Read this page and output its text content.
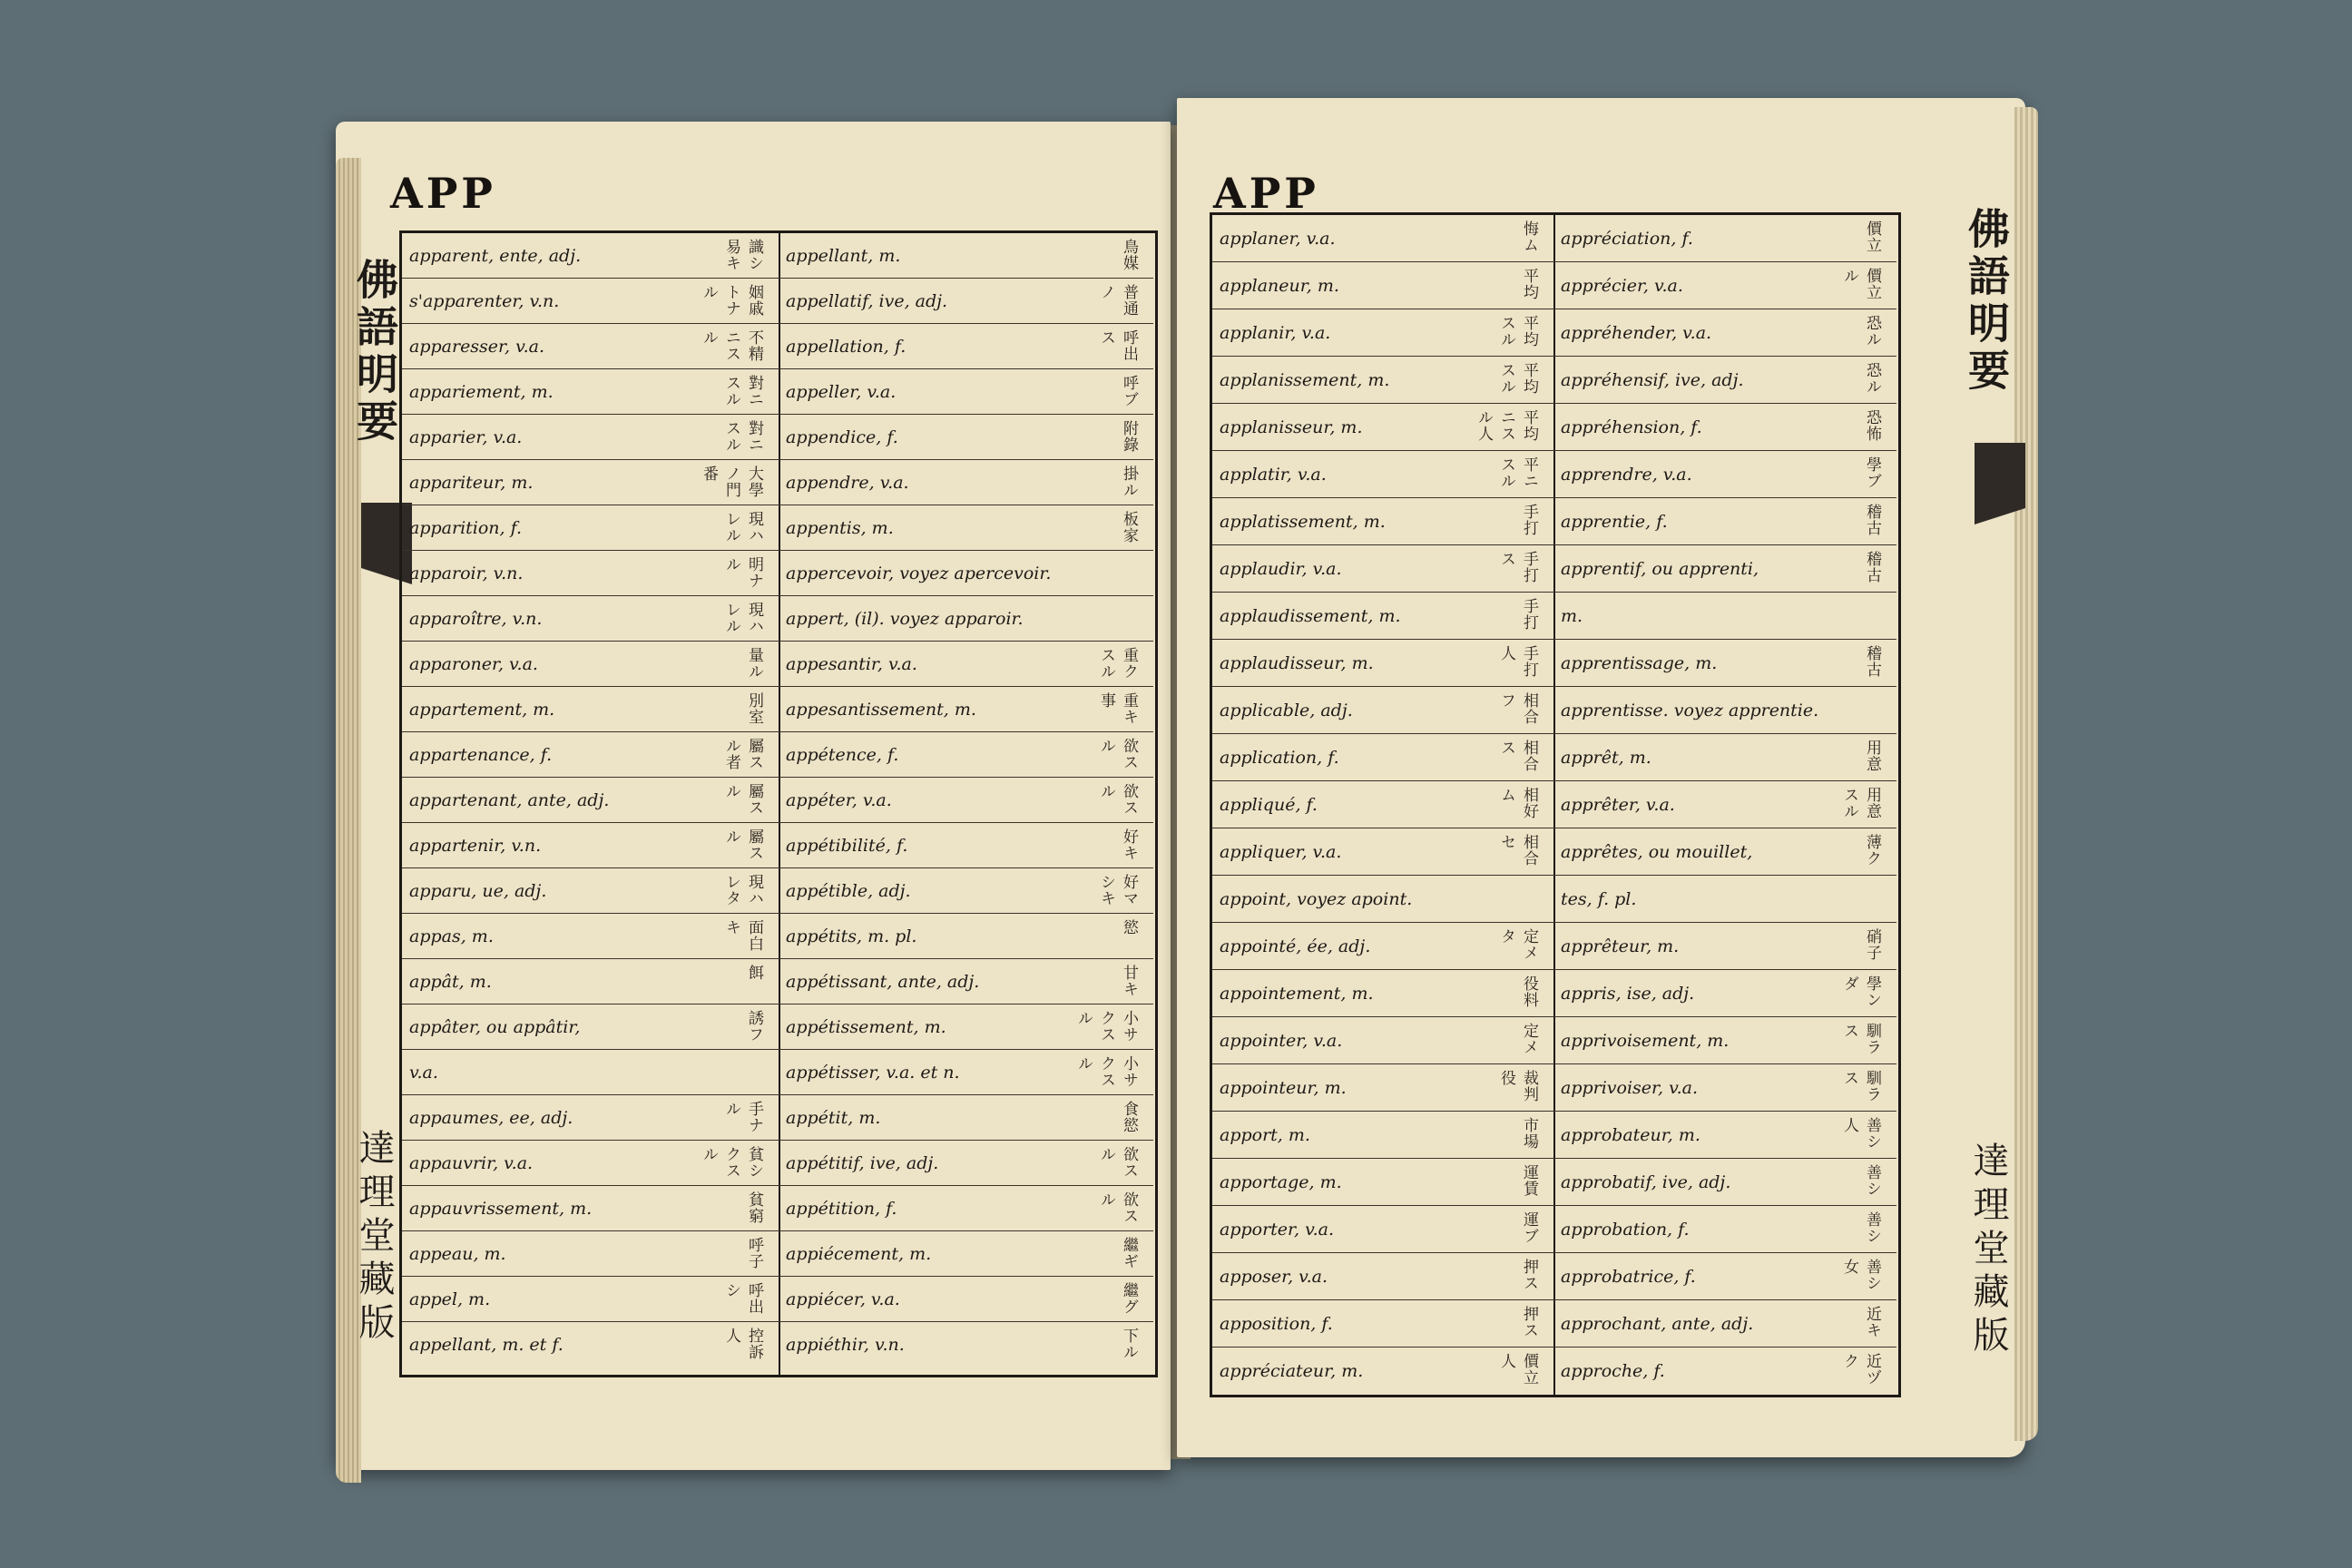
APP
佛語明要
達理堂藏版
apparent, ente, adj.	識シ易キ
s'apparenter, v.n.	姻戚トナル
apparesser, v.a.	不精ニスル
appariement, m.	對ニスル
apparier, v.a.	對ニスル
appariteur, m.	大學ノ門番
apparition, f.	現ハレル
apparoir, v.n.	明ナル
apparoître, v.n.	現ハレル
apparoner, v.a.	量ル
appartement, m.	別室
appartenance, f.	屬スル者
appartenant, ante, adj.	屬スル
appartenir, v.n.	屬スル
apparu, ue, adj.	現ハレタ
appas, m.	面白キ
appât, m.	餌
appâter, ou appâtir,	誘フ
v.a.
appaumes, ee, adj.	手ナル
appauvrir, v.a.	貧シクスル
appauvrissement, m.	貧窮
appeau, m.	呼子
appel, m.	呼出シ
appellant, m. et f.	控訴人
appellant, m.	鳥媒
appellatif, ive, adj.	普通ノ
appellation, f.	呼出ス
appeller, v.a.	呼ブ
appendice, f.	附錄
appendre, v.a.	掛ル
appentis, m.	板家
appercevoir, voyez apercevoir.
appert, (il). voyez apparoir.
appesantir, v.a.	重クスル
appesantissement, m.	重キ事
appétence, f.	欲スル
appéter, v.a.	欲スル
appétibilité, f.	好キ
appétible, adj.	好マシキ
appétits, m. pl.	慾
appétissant, ante, adj.	甘キ
appétissement, m.	小サクスル
appétisser, v.a. et n.	小サクスル
appétit, m.	食慾
appétitif, ive, adj.	欲スル
appétition, f.	欲スル
appiécement, m.	繼ギ
appiécer, v.a.	繼グ
appiéthir, v.n.	下ル
APP
佛語明要
達理堂藏版
applaner, v.a.	悔ム
applaneur, m.	平均
applanir, v.a.	平均スル
applanissement, m.	平均スル
applanisseur, m.	平均ニスル人
applatir, v.a.	平ニスル
applatissement, m.	手打
applaudir, v.a.	手打ス
applaudissement, m.	手打
applaudisseur, m.	手打人
applicable, adj.	相合フ
application, f.	相合ス
appliqué, f.	相好ム
appliquer, v.a.	相合セ
appoint, voyez apoint.
appointé, ée, adj.	定メタ
appointement, m.	役料
appointer, v.a.	定メ
appointeur, m.	裁判役
apport, m.	市場
apportage, m.	運賃
apporter, v.a.	運ブ
apposer, v.a.	押ス
apposition, f.	押ス
appréciateur, m.	價立人
appréciation, f.	價立
apprécier, v.a.	價立ル
appréhender, v.a.	恐ル
appréhensif, ive, adj.	恐ル
appréhension, f.	恐怖
apprendre, v.a.	學ブ
apprentie, f.	稽古
apprentif, ou apprenti,	稽古
m.
apprentissage, m.	稽古
apprentisse. voyez apprentie.
apprêt, m.	用意
apprêter, v.a.	用意スル
apprêtes, ou mouillet,	薄ク
tes, f. pl.
apprêteur, m.	硝子
appris, ise, adj.	學ンダ
apprivoisement, m.	馴ラス
apprivoiser, v.a.	馴ラス
approbateur, m.	善シ人
approbatif, ive, adj.	善シ
approbation, f.	善シ
approbatrice, f.	善シ女
approchant, ante, adj.	近キ
approche, f.	近ヅク
